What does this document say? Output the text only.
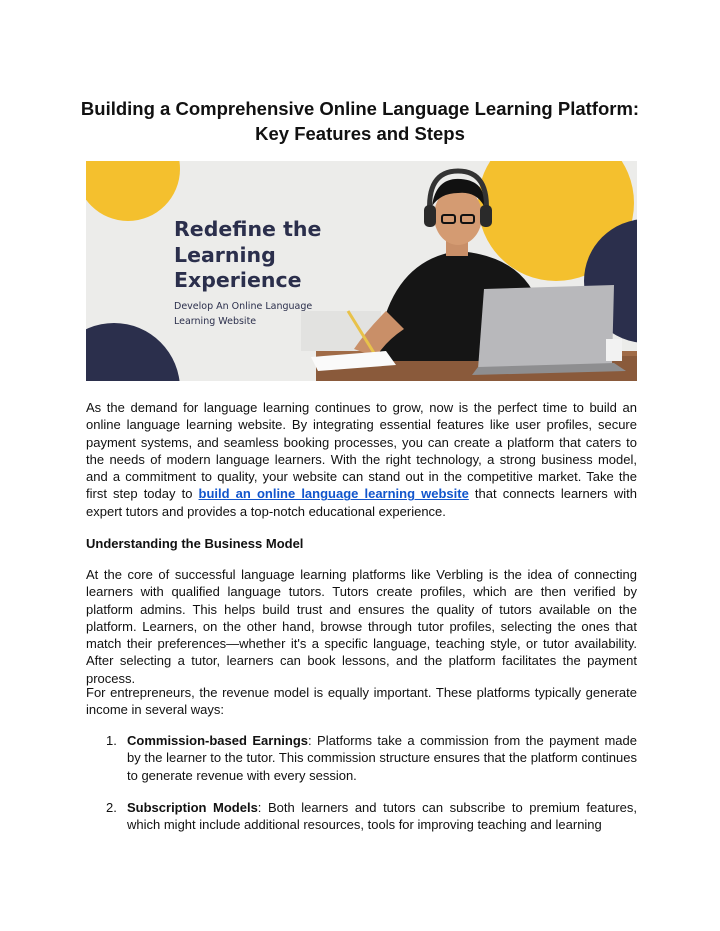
Building a Comprehensive Online Language Learning Platform:
Key Features and Steps
Redefine the
Learning
Experience
Develop An Online Language
Learning Website
As the demand for language learning continues to grow, now is the perfect time to build an online language learning website. By integrating essential features like user profiles, secure payment systems, and seamless booking processes, you can create a platform that caters to the needs of modern language learners. With the right technology, a strong business model, and a commitment to quality, your website can stand out in the competitive market. Take the first step today to build an online language learning website that connects learners with expert tutors and provides a top-notch educational experience.
Understanding the Business Model
At the core of successful language learning platforms like Verbling is the idea of connecting learners with qualified language tutors. Tutors create profiles, which are then verified by platform admins. This helps build trust and ensures the quality of tutors available on the platform. Learners, on the other hand, browse through tutor profiles, selecting the ones that match their preferences—whether it's a specific language, teaching style, or tutor availability. After selecting a tutor, learners can book lessons, and the platform facilitates the payment process.
For entrepreneurs, the revenue model is equally important. These platforms typically generate income in several ways:
1. Commission-based Earnings: Platforms take a commission from the payment made by the learner to the tutor. This commission structure ensures that the platform continues to generate revenue with every session.
2. Subscription Models: Both learners and tutors can subscribe to premium features, which might include additional resources, tools for improving teaching and learning
